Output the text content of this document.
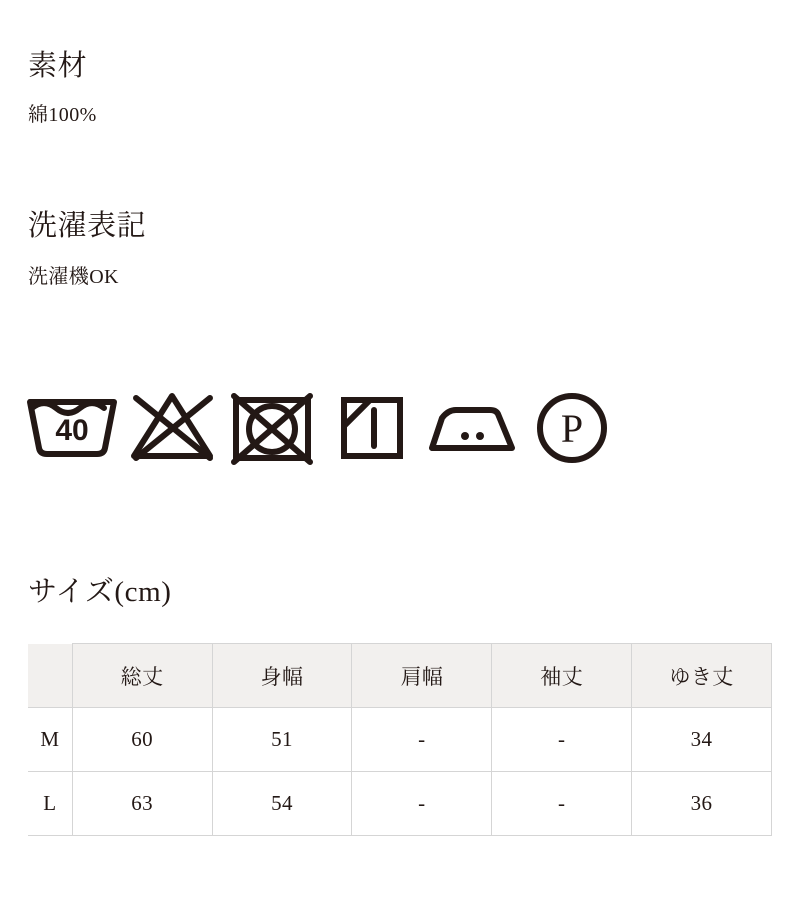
素材
綿100%
洗濯表記
洗濯機OK
40	P
サイズ(cm)
	総丈	身幅	肩幅	袖丈	ゆき丈
M	60	51	-	-	34
L	63	54	-	-	36
